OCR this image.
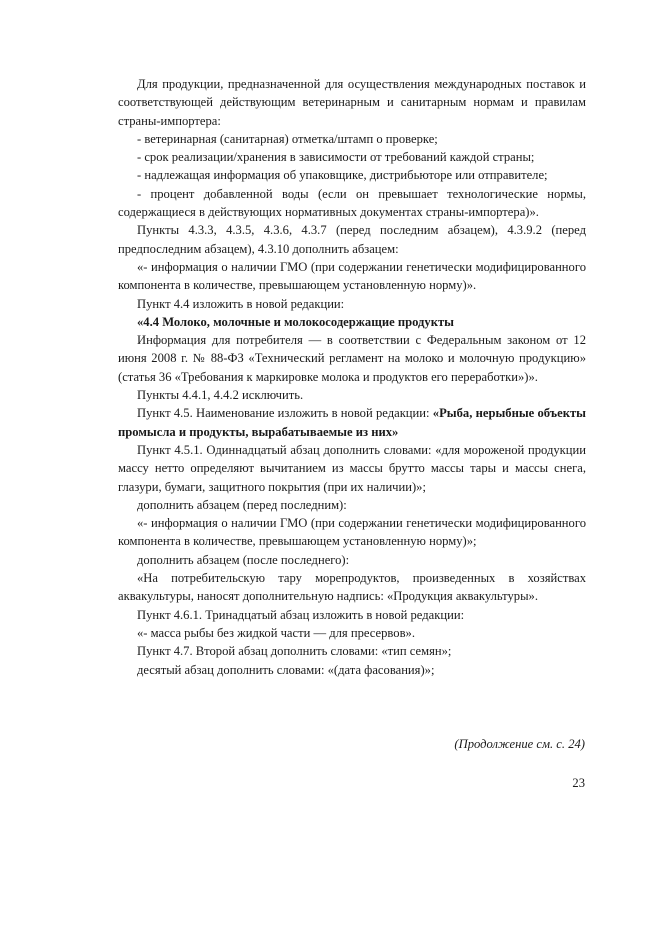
Для продукции, предназначенной для осуществления международных поставок и соответствующей действующим ветеринарным и санитарным нормам и правилам страны-импортера:

- ветеринарная (санитарная) отметка/штамп о проверке;

- срок реализации/хранения в зависимости от требований каждой страны;

- надлежащая информация об упаковщике, дистрибьюторе или отправителе;

- процент добавленной воды (если он превышает технологические нормы, содержащиеся в действующих нормативных документах страны-импортера)».

Пункты 4.3.3, 4.3.5, 4.3.6, 4.3.7 (перед последним абзацем), 4.3.9.2 (перед предпоследним абзацем), 4.3.10 дополнить абзацем:

«- информация о наличии ГМО (при содержании генетически модифицированного компонента в количестве, превышающем установленную норму)».

Пункт 4.4 изложить в новой редакции:

«4.4 Молоко, молочные и молокосодержащие продукты

Информация для потребителя — в соответствии с Федеральным законом от 12 июня 2008 г. № 88-ФЗ «Технический регламент на молоко и молочную продукцию» (статья 36 «Требования к маркировке молока и продуктов его переработки»)».

Пункты 4.4.1, 4.4.2 исключить.

Пункт 4.5. Наименование изложить в новой редакции: «Рыба, нерыбные объекты промысла и продукты, вырабатываемые из них»

Пункт 4.5.1. Одиннадцатый абзац дополнить словами: «для мороженой продукции массу нетто определяют вычитанием из массы брутто массы тары и массы снега, глазури, бумаги, защитного покрытия (при их наличии)»;

дополнить абзацем (перед последним):

«- информация о наличии ГМО (при содержании генетически модифицированного компонента в количестве, превышающем установленную норму)»;

дополнить абзацем (после последнего):

«На потребительскую тару морепродуктов, произведенных в хозяйствах аквакультуры, наносят дополнительную надпись: «Продукция аквакультуры».

Пункт 4.6.1. Тринадцатый абзац изложить в новой редакции:

«- масса рыбы без жидкой части — для пресервов».

Пункт 4.7. Второй абзац дополнить словами: «тип семян»;

десятый абзац дополнить словами: «(дата фасования)»;

(Продолжение см. с. 24)
23
